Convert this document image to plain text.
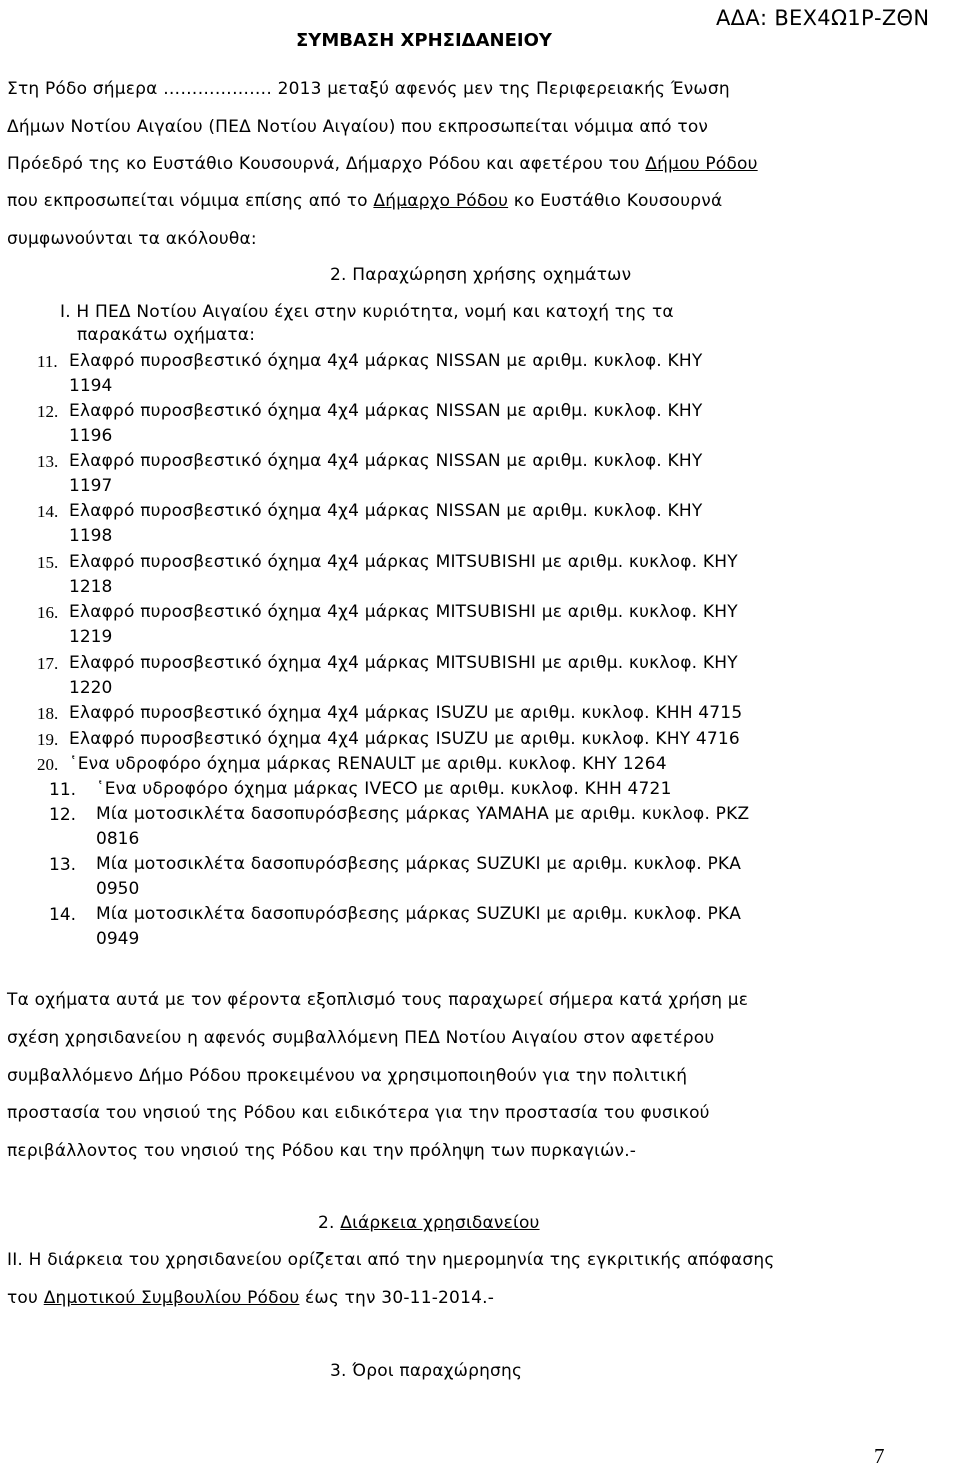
ΣΥΜΒΑΣΗ ΧΡΗΣΙΔΑΝΕΙΟΥ
ΑΔΑ: ΒΕΧ4Ω1Ρ-ΖΘΝ
Στη Ρόδο σήμερα ………………. 2013 μεταξύ αφενός μεν της Περιφερειακής Ένωση
Δήμων Νοτίου Αιγαίου (ΠΕΔ Νοτίου Αιγαίου) που εκπροσωπείται νόμιμα από τον
Πρόεδρό της κο Ευστάθιο Κουσουρνά, Δήμαρχο Ρόδου και αφετέρου του Δήμου Ρόδου
που εκπροσωπείται νόμιμα επίσης από το Δήμαρχο Ρόδου κο Ευστάθιο Κουσουρνά
συμφωνούνται τα ακόλουθα:
2. Παραχώρηση χρήσης οχημάτων
I. Η ΠΕΔ Νοτίου Αιγαίου έχει στην κυριότητα, νομή και κατοχή της τα
παρακάτω οχήματα:
11. Ελαφρό πυροσβεστικό όχημα 4χ4 μάρκας NISSAN με αριθμ. κυκλοφ. ΚΗΥ
1194
12. Ελαφρό πυροσβεστικό όχημα 4χ4 μάρκας NISSAN με αριθμ. κυκλοφ. ΚΗΥ
1196
13. Ελαφρό πυροσβεστικό όχημα 4χ4 μάρκας NISSAN με αριθμ. κυκλοφ. ΚΗΥ
1197
14. Ελαφρό πυροσβεστικό όχημα 4χ4 μάρκας NISSAN με αριθμ. κυκλοφ. ΚΗΥ
1198
15. Ελαφρό πυροσβεστικό όχημα 4χ4 μάρκας MITSUBISHI με αριθμ. κυκλοφ. ΚΗΥ
1218
16. Ελαφρό πυροσβεστικό όχημα 4χ4 μάρκας MITSUBISHI με αριθμ. κυκλοφ. ΚΗΥ
1219
17. Ελαφρό πυροσβεστικό όχημα 4χ4 μάρκας MITSUBISHI με αριθμ. κυκλοφ. ΚΗΥ
1220
18. Ελαφρό πυροσβεστικό όχημα 4χ4 μάρκας ISUZU με αριθμ. κυκλοφ. ΚΗΗ 4715
19. Ελαφρό πυροσβεστικό όχημα 4χ4 μάρκας ISUZU με αριθμ. κυκλοφ. ΚΗΥ 4716
20. ῾Ενα υδροφόρο όχημα μάρκας RENAULT με αριθμ. κυκλοφ. ΚΗΥ 1264
11. ῾Ενα υδροφόρο όχημα μάρκας IVECO με αριθμ. κυκλοφ. ΚΗΗ 4721
12. Μία μοτοσικλέτα δασοπυρόσβεσης μάρκας YAMAHA με αριθμ. κυκλοφ. ΡΚΖ
0816
13. Μία μοτοσικλέτα δασοπυρόσβεσης μάρκας SUZUKI με αριθμ. κυκλοφ. ΡΚΑ
0950
14. Μία μοτοσικλέτα δασοπυρόσβεσης μάρκας SUZUKI με αριθμ. κυκλοφ. ΡΚΑ
0949
Τα οχήματα αυτά με τον φέροντα εξοπλισμό τους παραχωρεί σήμερα κατά χρήση με
σχέση χρησιδανείου η αφενός συμβαλλόμενη ΠΕΔ Νοτίου Αιγαίου στον αφετέρου
συμβαλλόμενο Δήμο Ρόδου προκειμένου να χρησιμοποιηθούν για την πολιτική
προστασία του νησιού της Ρόδου και ειδικότερα για την προστασία του φυσικού
περιβάλλοντος του νησιού της Ρόδου και την πρόληψη των πυρκαγιών.-
2. Διάρκεια χρησιδανείου
II. Η διάρκεια του χρησιδανείου ορίζεται από την ημερομηνία της εγκριτικής απόφασης
του Δημοτικού Συμβουλίου Ρόδου έως την 30-11-2014.-
3. Όροι παραχώρησης
7
